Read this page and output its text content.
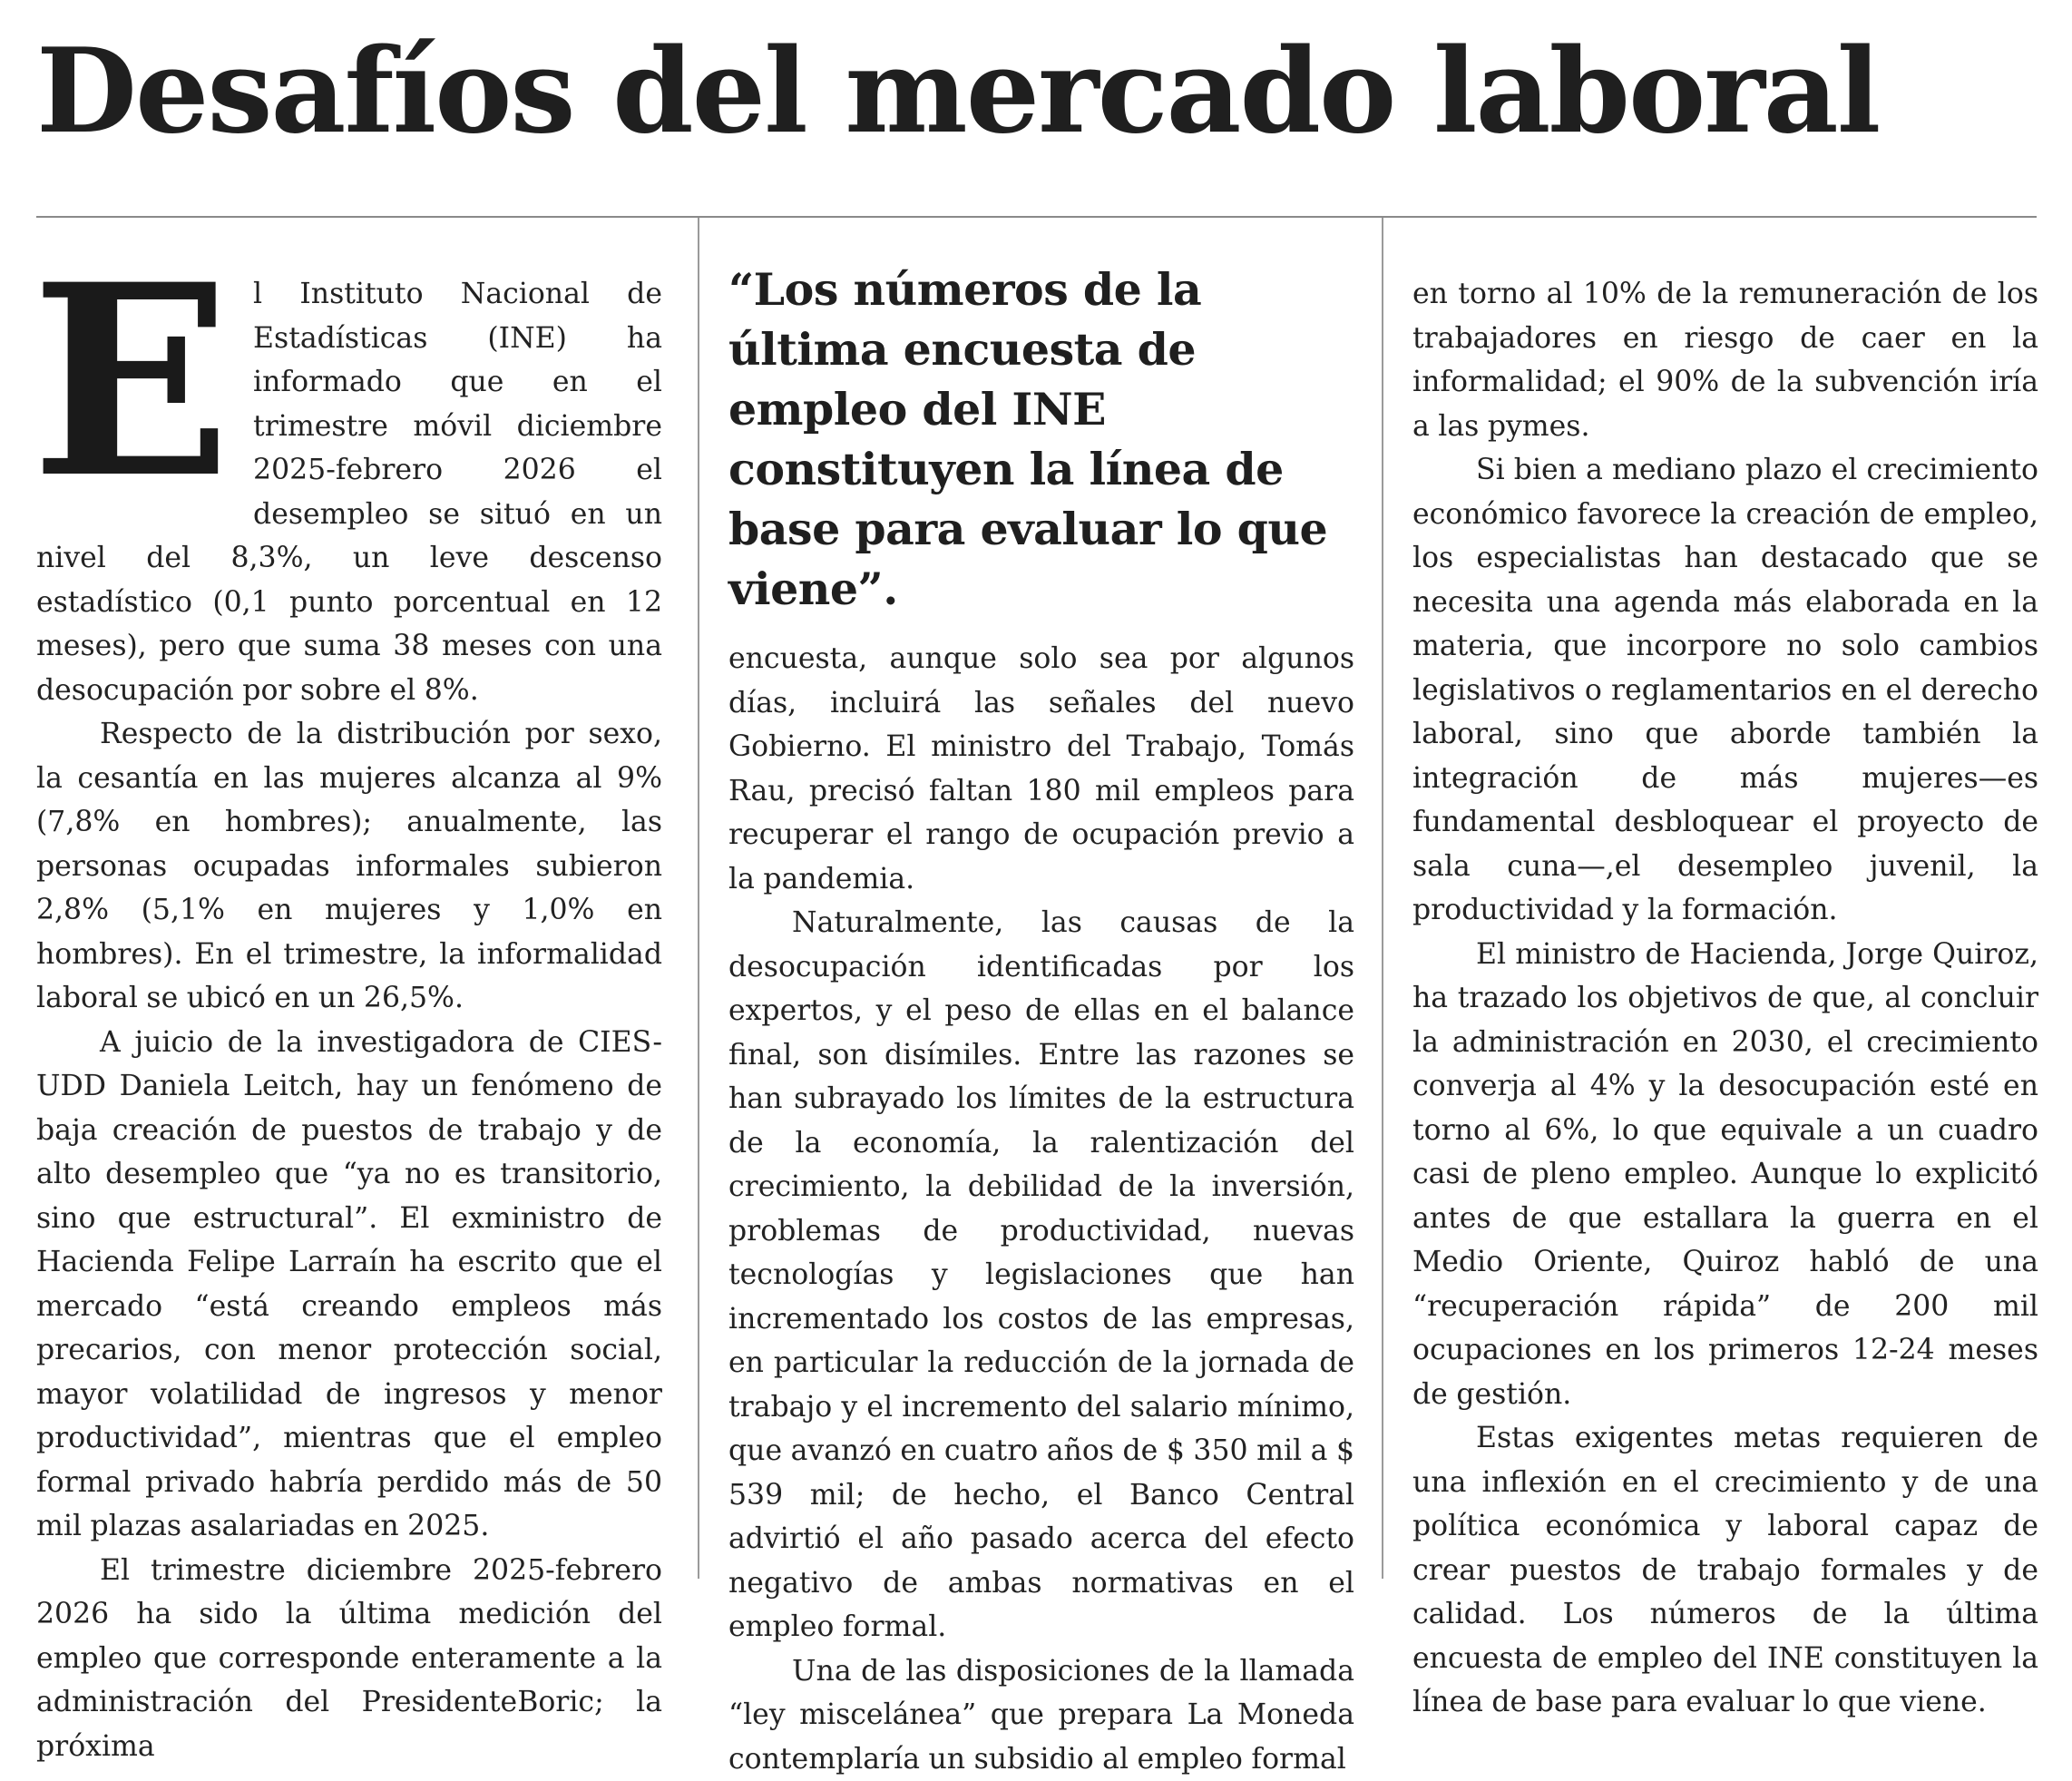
Desafíos del mercado laboral
E l Instituto Nacional de Estadísticas (INE) ha informado que en el trimestre móvil diciembre 2025-febrero 2026 el desempleo se situó en un nivel del 8,3%, un leve descenso estadístico (0,1 punto porcentual en 12 meses), pero que suma 38 meses con una desocupación por sobre el 8%.

Respecto de la distribución por sexo, la cesantía en las mujeres alcanza al 9% (7,8% en hombres); anualmente, las personas ocupadas informales subieron 2,8% (5,1% en mujeres y 1,0% en hombres). En el trimestre, la informalidad laboral se ubicó en un 26,5%.

A juicio de la investigadora de CIES-UDD Daniela Leitch, hay un fenómeno de baja creación de puestos de trabajo y de alto desempleo que “ya no es transitorio, sino que estructural”. El exministro de Hacienda Felipe Larraín ha escrito que el mercado “está creando empleos más precarios, con menor protección social, mayor volatilidad de ingresos y menor productividad”, mientras que el empleo formal privado habría perdido más de 50 mil plazas asalariadas en 2025.

El trimestre diciembre 2025-febrero 2026 ha sido la última medición del empleo que corresponde enteramente a la administración del PresidenteBoric; la próxima

“Los números de la última encuesta de empleo del INE constituyen la línea de base para evaluar lo que viene”.

encuesta, aunque solo sea por algunos días, incluirá las señales del nuevo Gobierno. El ministro del Trabajo, Tomás Rau, precisó faltan 180 mil empleos para recuperar el rango de ocupación previo a la pandemia.

Naturalmente, las causas de la desocupación identificadas por los expertos, y el peso de ellas en el balance final, son disímiles. Entre las razones se han subrayado los límites de la estructura de la economía, la ralentización del crecimiento, la debilidad de la inversión, problemas de productividad, nuevas tecnologías y legislaciones que han incrementado los costos de las empresas, en particular la reducción de la jornada de trabajo y el incremento del salario mínimo, que avanzó en cuatro años de $ 350 mil a $ 539 mil; de hecho, el Banco Central advirtió el año pasado acerca del efecto negativo de ambas normativas en el empleo formal.

Una de las disposiciones de la llamada “ley miscelánea” que prepara La Moneda contemplaría un subsidio al empleo formal

en torno al 10% de la remuneración de los trabajadores en riesgo de caer en la informalidad; el 90% de la subvención iría a las pymes.

Si bien a mediano plazo el crecimiento económico favorece la creación de empleo, los especialistas han destacado que se necesita una agenda más elaborada en la materia, que incorpore no solo cambios legislativos o reglamentarios en el derecho laboral, sino que aborde también la integración de más mujeres—es fundamental desbloquear el proyecto de sala cuna—,el desempleo juvenil, la productividad y la formación.

El ministro de Hacienda, Jorge Quiroz, ha trazado los objetivos de que, al concluir la administración en 2030, el crecimiento converja al 4% y la desocupación esté en torno al 6%, lo que equivale a un cuadro casi de pleno empleo. Aunque lo explicitó antes de que estallara la guerra en el Medio Oriente, Quiroz habló de una “recuperación rápida” de 200 mil ocupaciones en los primeros 12-24 meses de gestión.

Estas exigentes metas requieren de una inflexión en el crecimiento y de una política económica y laboral capaz de crear puestos de trabajo formales y de calidad. Los números de la última encuesta de empleo del INE constituyen la línea de base para evaluar lo que viene.
